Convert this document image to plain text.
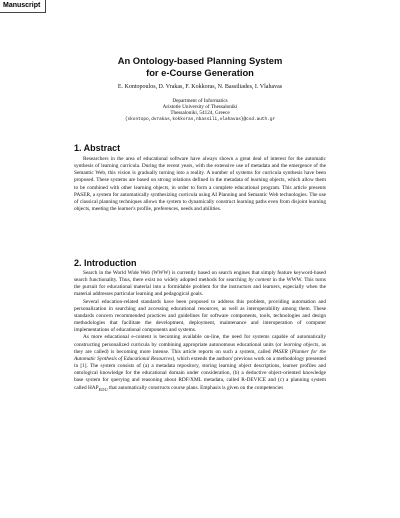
Manuscript
An Ontology-based Planning System
for e-Course Generation
E. Kontopoulos, D. Vrakas, F. Kokkoras, N. Bassiliades, I. Vlahavas
Department of Informatics
Aristotle University of Thessaloniki
Thessaloniki, 54124, Greece
{skontopo,dvrakas,kokkoras,nbassili,vlahavas}@csd.auth.gr
1. Abstract

Researchers in the area of educational software have always shown a great deal of interest for the automatic synthesis of learning curricula. During the recent years, with the extensive use of metadata and the emergence of the Semantic Web, this vision is gradually turning into a reality. A number of systems for curricula synthesis have been proposed. These systems are based on strong relations defined in the metadata of learning objects, which allow them to be combined with other learning objects, in order to form a complete educational program. This article presents PASER, a system for automatically synthesizing curricula using AI Planning and Semantic Web technologies. The use of classical planning techniques allows the system to dynamically construct learning paths even from disjoint learning objects, meeting the learner's profile, preferences, needs and abilities.

2. Introduction

Search in the World Wide Web (WWW) is currently based on search engines that simply feature keyword-based search functionality. Thus, there exist no widely adopted methods for searching by content in the WWW. This turns the pursuit for educational material into a formidable problem for the instructors and learners, especially when the material addresses particular learning and pedagogical goals.

Several education-related standards have been proposed to address this problem, providing automation and personalization in searching and accessing educational resources, as well as interoperability among them. These standards concern recommended practices and guidelines for software components, tools, technologies and design methodologies that facilitate the development, deployment, maintenance and interoperation of computer implementations of educational components and systems.

As more educational e-content is becoming available on-line, the need for systems capable of automatically constructing personalized curricula by combining appropriate autonomous educational units (or learning objects, as they are called) is becoming more intense. This article reports on such a system, called PASER (Planner for the Automatic Synthesis of Educational Resources), which extends the authors' previous work on a methodology presented in [1]. The system consists of (a) a metadata repository, storing learning object descriptions, learner profiles and ontological knowledge for the educational domain under consideration, (b) a deductive object-oriented knowledge base system for querying and reasoning about RDF/XML metadata, called R-DEVICE and (c) a planning system called $HAP_{EDU}$ that automatically constructs course plans. Emphasis is given on the competencies
